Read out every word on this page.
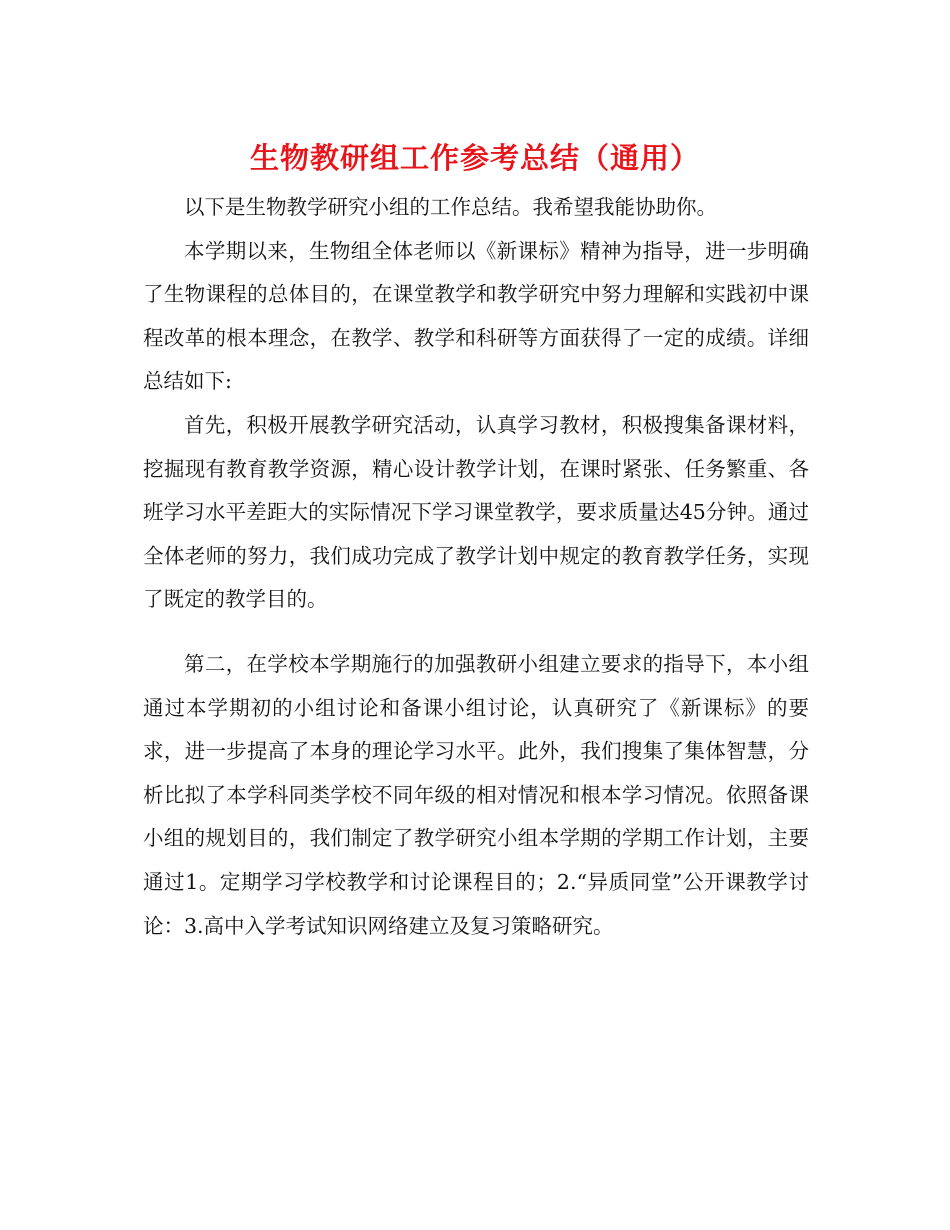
生物教研组工作参考总结（通用）

以下是生物教学研究小组的工作总结。我希望我能协助你。

本学期以来，生物组全体老师以《新课标》精神为指导，进一步明确了生物课程的总体目的，在课堂教学和教学研究中努力理解和实践初中课程改革的根本理念，在教学、教学和科研等方面获得了一定的成绩。详细总结如下:

首先，积极开展教学研究活动，认真学习教材，积极搜集备课材料，挖掘现有教育教学资源，精心设计教学计划，在课时紧张、任务繁重、各班学习水平差距大的实际情况下学习课堂教学，要求质量达45分钟。通过全体老师的努力，我们成功完成了教学计划中规定的教育教学任务，实现了既定的教学目的。

第二，在学校本学期施行的加强教研小组建立要求的指导下，本小组通过本学期初的小组讨论和备课小组讨论，认真研究了《新课标》的要求，进一步提高了本身的理论学习水平。此外，我们搜集了集体智慧，分析比拟了本学科同类学校不同年级的相对情况和根本学习情况。依照备课小组的规划目的，我们制定了教学研究小组本学期的学期工作计划，主要通过1。定期学习学校教学和讨论课程目的；2.“异质同堂”公开课教学讨论：3.高中入学考试知识网络建立及复习策略研究。
